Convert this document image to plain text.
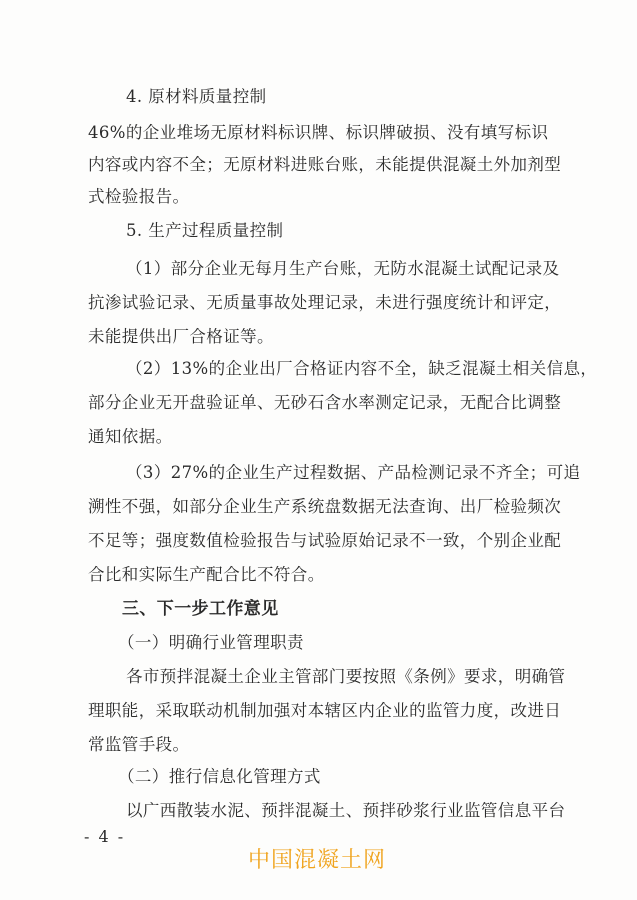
4. 原材料质量控制
46%的企业堆场无原材料标识牌、标识牌破损、没有填写标识
内容或内容不全；无原材料进账台账，未能提供混凝土外加剂型
式检验报告。
5. 生产过程质量控制
（1）部分企业无每月生产台账，无防水混凝土试配记录及
抗渗试验记录、无质量事故处理记录，未进行强度统计和评定，
未能提供出厂合格证等。
（2）13%的企业出厂合格证内容不全，缺乏混凝土相关信息，
部分企业无开盘验证单、无砂石含水率测定记录，无配合比调整
通知依据。
（3）27%的企业生产过程数据、产品检测记录不齐全；可追
溯性不强，如部分企业生产系统盘数据无法查询、出厂检验频次
不足等；强度数值检验报告与试验原始记录不一致，个别企业配
合比和实际生产配合比不符合。
三、下一步工作意见
（一）明确行业管理职责
各市预拌混凝土企业主管部门要按照《条例》要求，明确管
理职能，采取联动机制加强对本辖区内企业的监管力度，改进日
常监管手段。
（二）推行信息化管理方式
以广西散装水泥、预拌混凝土、预拌砂浆行业监管信息平台
- 4 -
中国混凝土网
